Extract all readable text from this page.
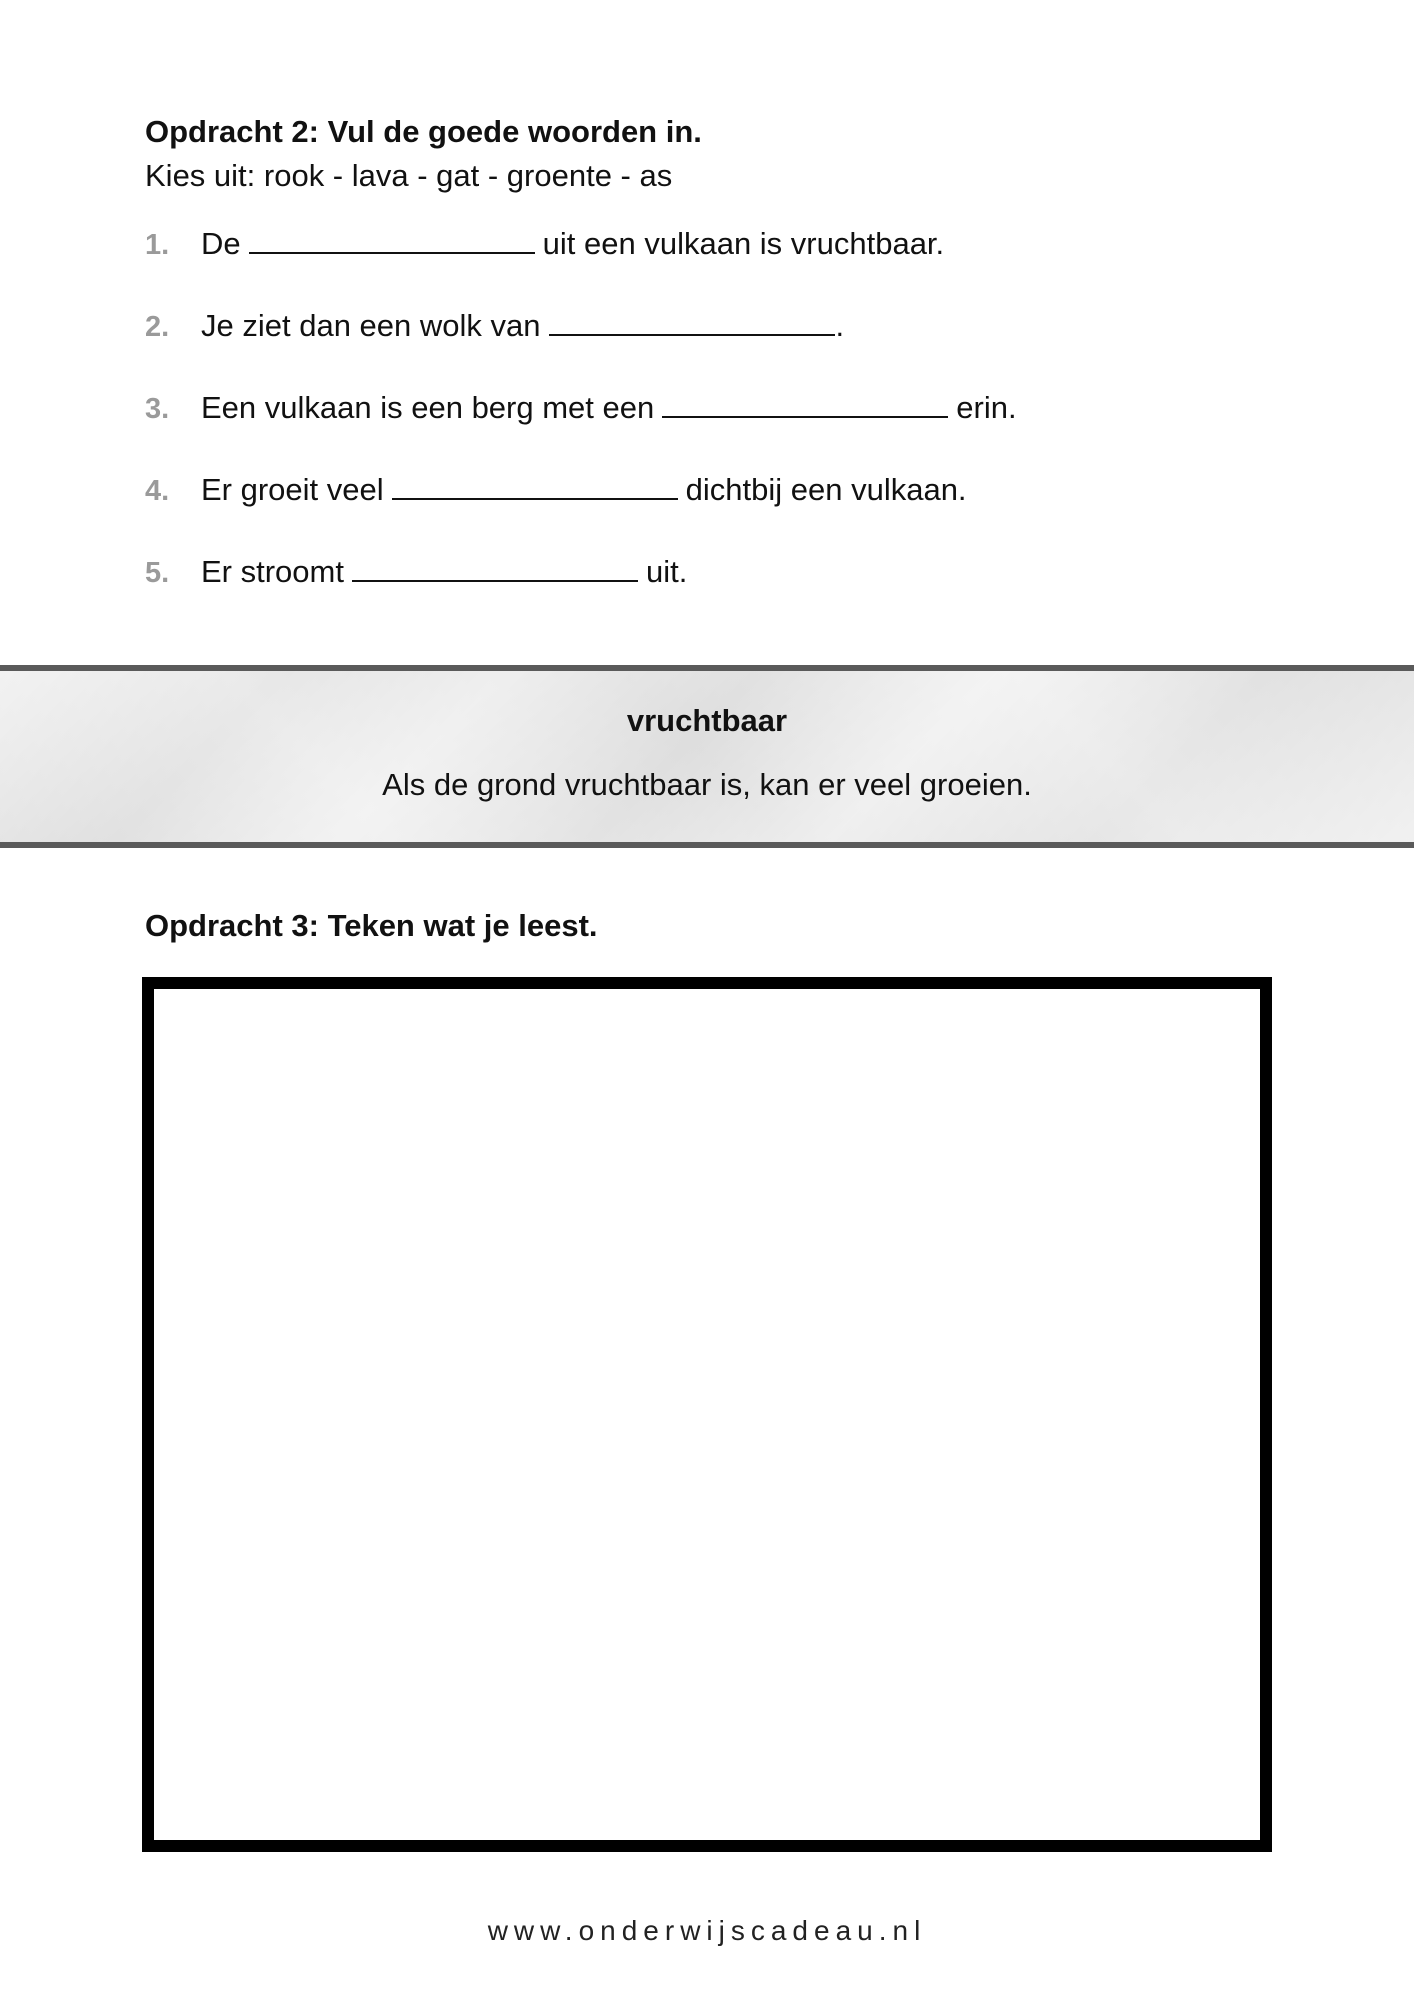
Opdracht 2: Vul de goede woorden in.

Kies uit: rook - lava - gat - groente - as

1.	De	uit een vulkaan is vruchtbaar.
2.	Je ziet dan een wolk van	.
3.	Een vulkaan is een berg met een	erin.
4.	Er groeit veel	dichtbij een vulkaan.
5.	Er stroomt	uit.

vruchtbaar

Als de grond vruchtbaar is, kan er veel groeien.

Opdracht 3: Teken wat je leest.

www.onderwijscadeau.nl
